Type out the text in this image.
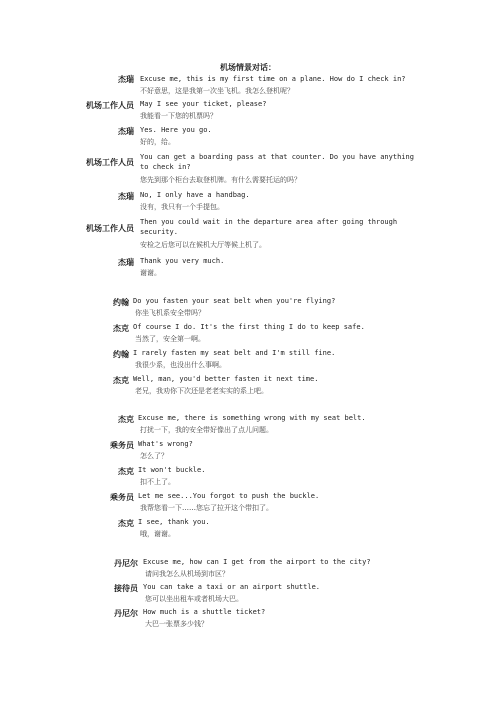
机场情景对话：
杰瑞 Excuse me, this is my first time on a plane. How do I check in?
不好意思，这是我第一次坐飞机。我怎么登机呢？
机场工作人员 May I see your ticket, please?
我能看一下您的机票吗？
杰瑞 Yes. Here you go.
好的，给。
机场工作人员
You can get a boarding pass at that counter. Do you have anything
to check in?
您先到那个柜台去取登机牌。有什么需要托运的吗？
杰瑞 No, I only have a handbag.
没有，我只有一个手提包。
机场工作人员
Then you could wait in the departure area after going through
security.
安检之后您可以在候机大厅等候上机了。
杰瑞 Thank you very much.
谢谢。
约翰 Do you fasten your seat belt when you're flying?
你坐飞机系安全带吗？
杰克 Of course I do. It's the first thing I do to keep safe.
当然了，安全第一啊。
约翰 I rarely fasten my seat belt and I'm still fine.
我很少系，也没出什么事啊。
杰克 Well, man, you'd better fasten it next time.
老兄，我劝你下次还是老老实实的系上吧。
杰克 Excuse me, there is something wrong with my seat belt.
打扰一下，我的安全带好像出了点儿问题。
乘务员 What's wrong?
怎么了？
杰克 It won't buckle.
扣不上了。
乘务员 Let me see...You forgot to push the buckle.
我帮您看一下……您忘了拉开这个带扣了。
杰克 I see, thank you.
哦，谢谢。
丹尼尔 Excuse me, how can I get from the airport to the city?
请问我怎么从机场到市区？
接待员 You can take a taxi or an airport shuttle.
您可以坐出租车或者机场大巴。
丹尼尔 How much is a shuttle ticket?
大巴一张票多少钱？
